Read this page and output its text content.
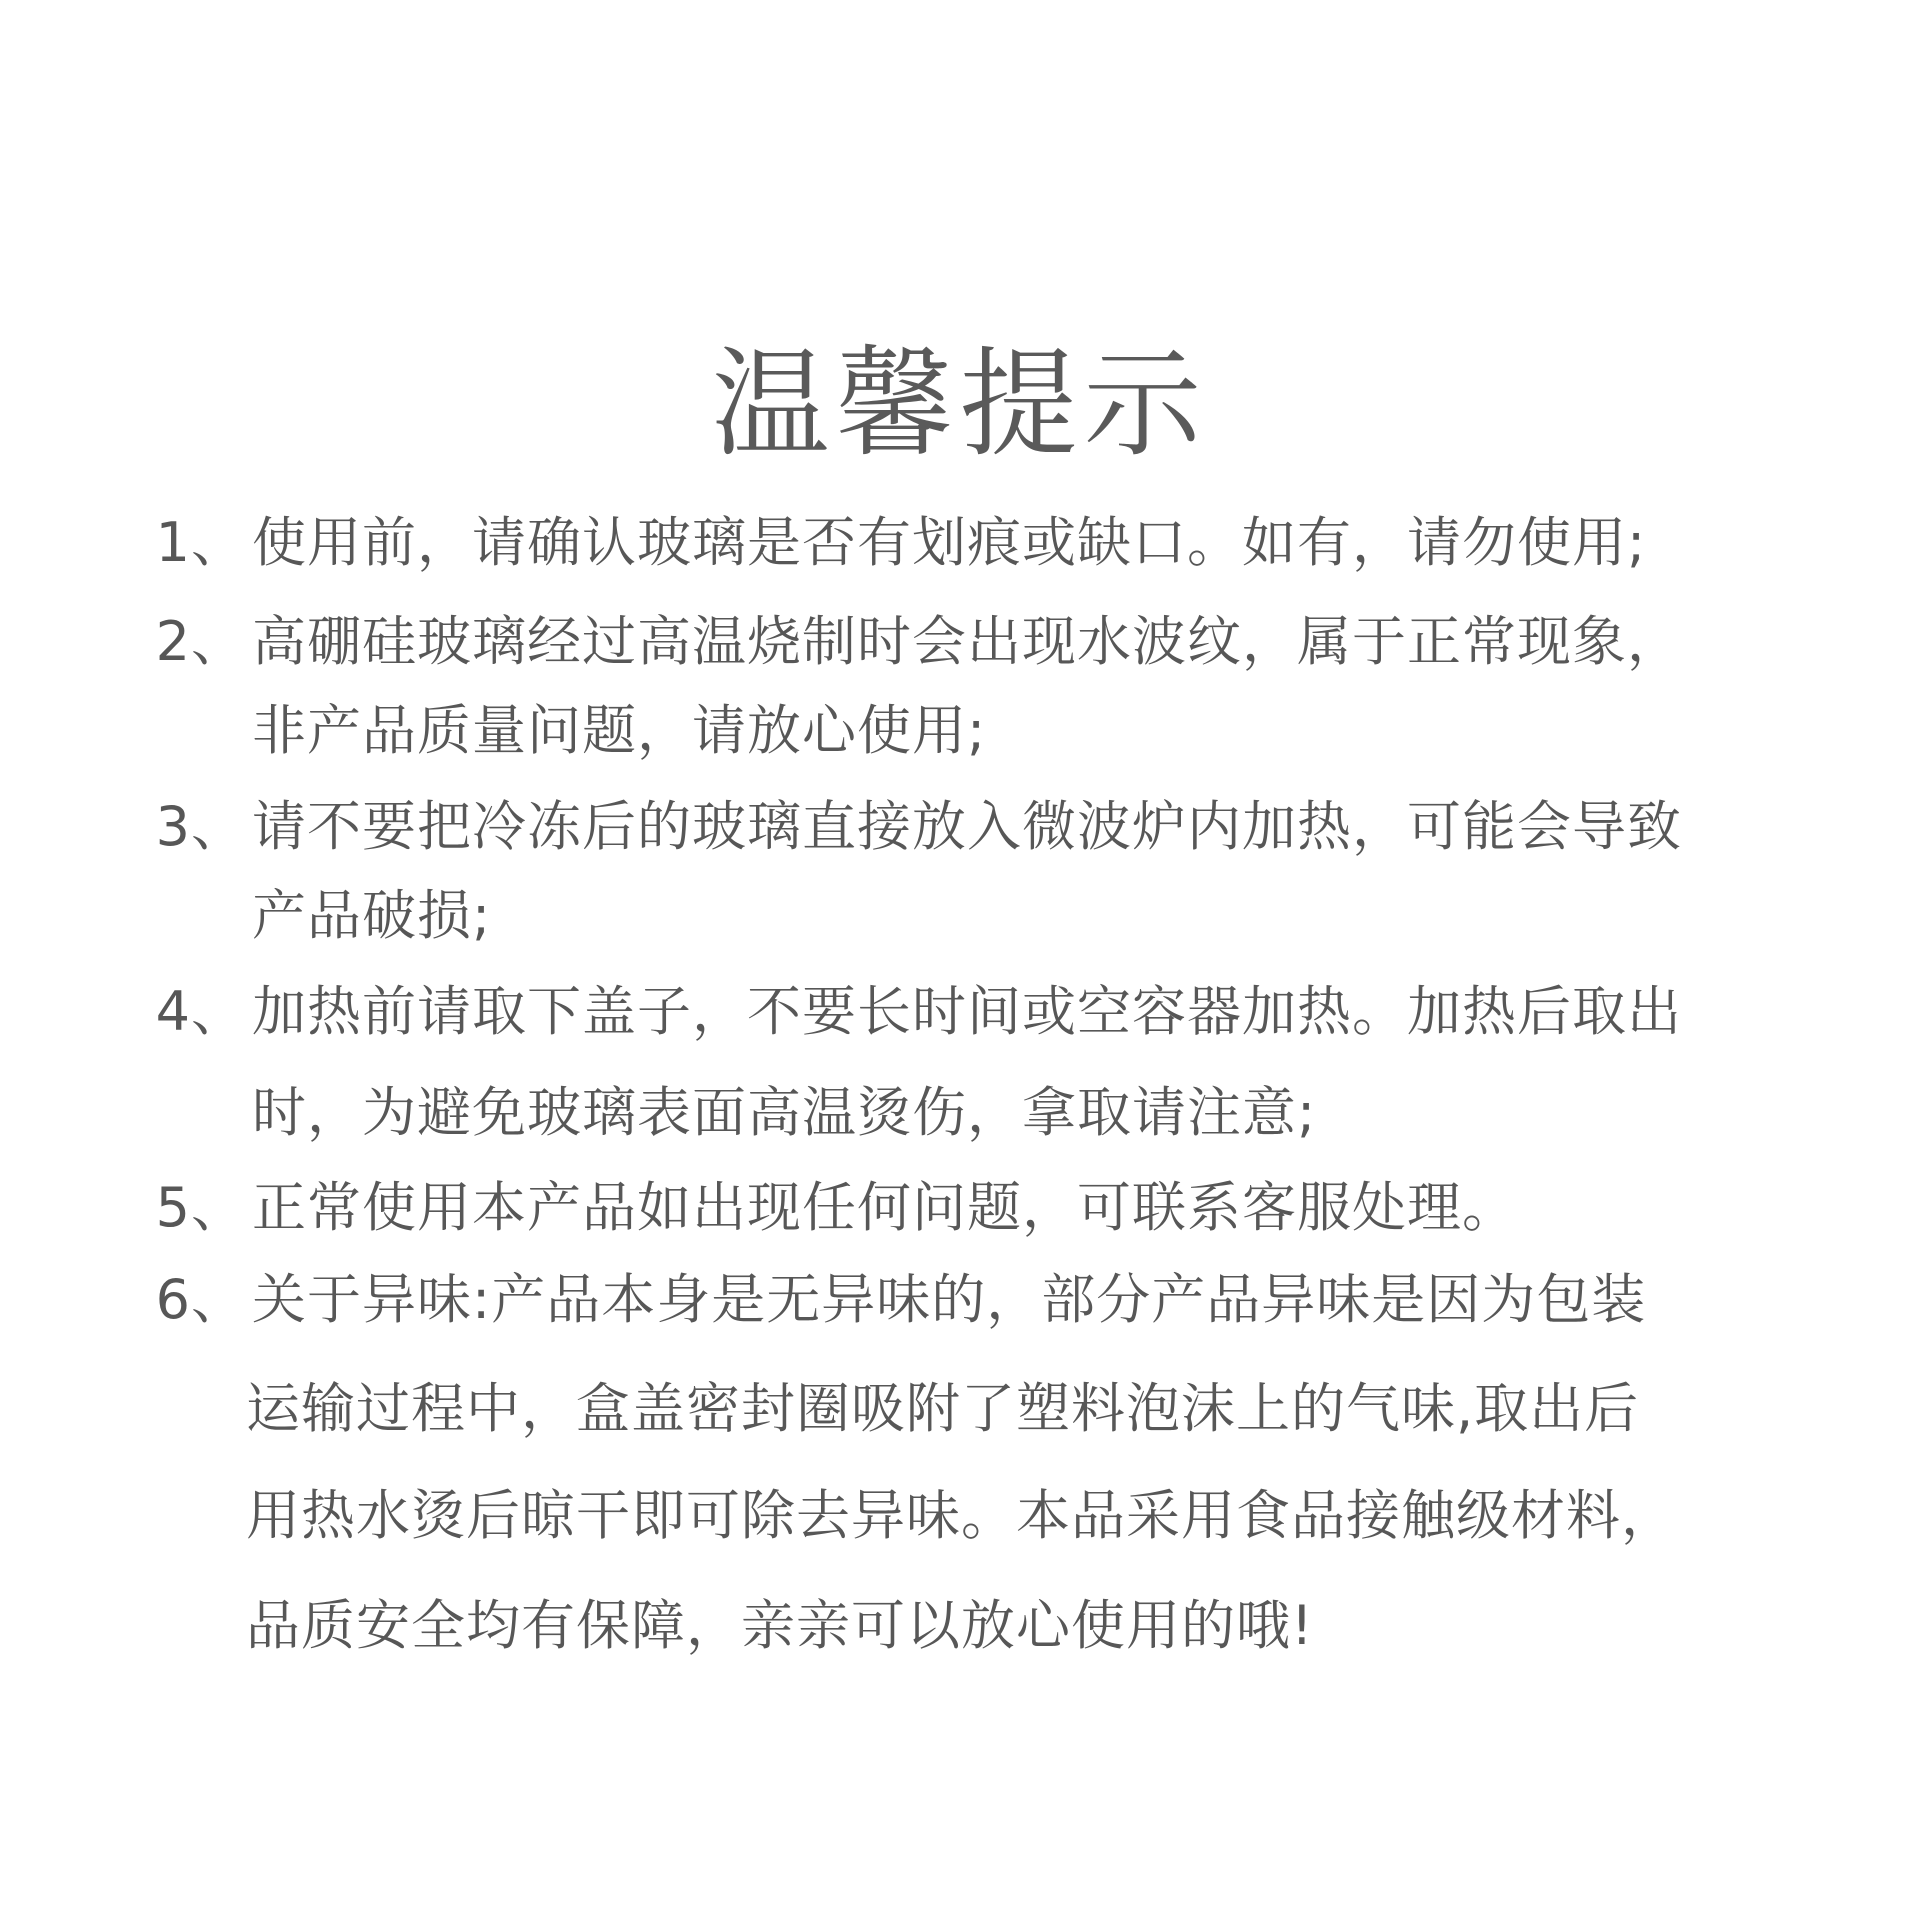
温馨提示
1、 使用前，请确认玻璃是否有划痕或缺口。如有，请勿使用;
2、 高硼硅玻璃经过高温烧制时会出现水波纹，属于正常现象，
非产品质量问题，请放心使用;
3、 请不要把冷冻后的玻璃直接放入微波炉内加热，可能会导致
产品破损;
4、 加热前请取下盖子，不要长时间或空容器加热。加热后取出
时，为避免玻璃表面高温烫伤，拿取请注意;
5、 正常使用本产品如出现任何问题，可联系客服处理。
6、 关于异味:产品本身是无异味的，部分产品异味是因为包装
运输过程中，盒盖密封圈吸附了塑料泡沫上的气味,取出后
用热水烫后晾干即可除去异味。本品采用食品接触级材料，
品质安全均有保障，亲亲可以放心使用的哦!
